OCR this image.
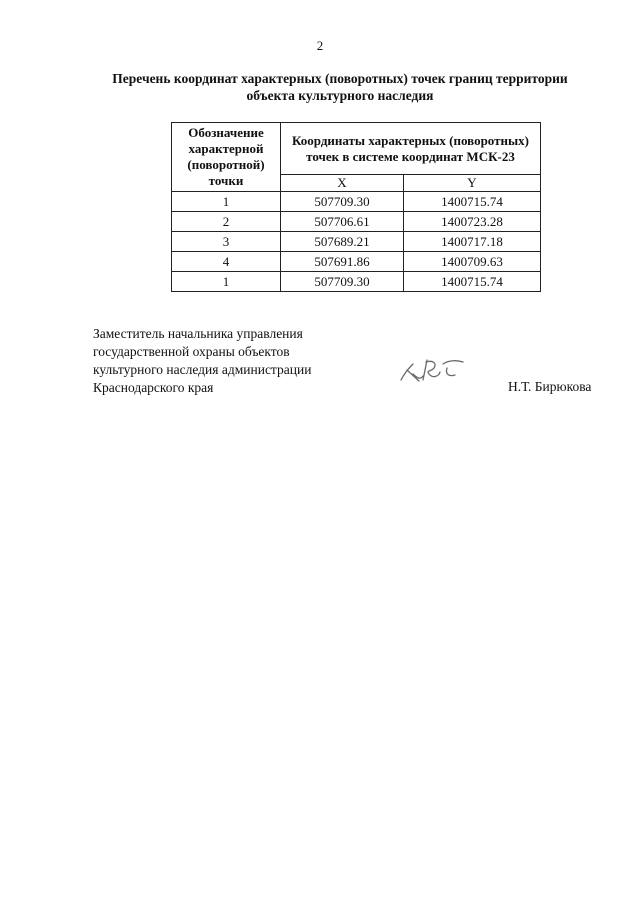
2
Перечень координат характерных (поворотных) точек границ территории
объекта культурного наследия
Обозначение характерной (поворотной) точки	Координаты характерных (поворотных) точек в системе координат МСК-23	
	X	Y
1	507709.30	1400715.74
2	507706.61	1400723.28
3	507689.21	1400717.18
4	507691.86	1400709.63
1	507709.30	1400715.74
Заместитель начальника управления
государственной охраны объектов
культурного наследия администрации
Краснодарского края	Н.Т. Бирюкова
